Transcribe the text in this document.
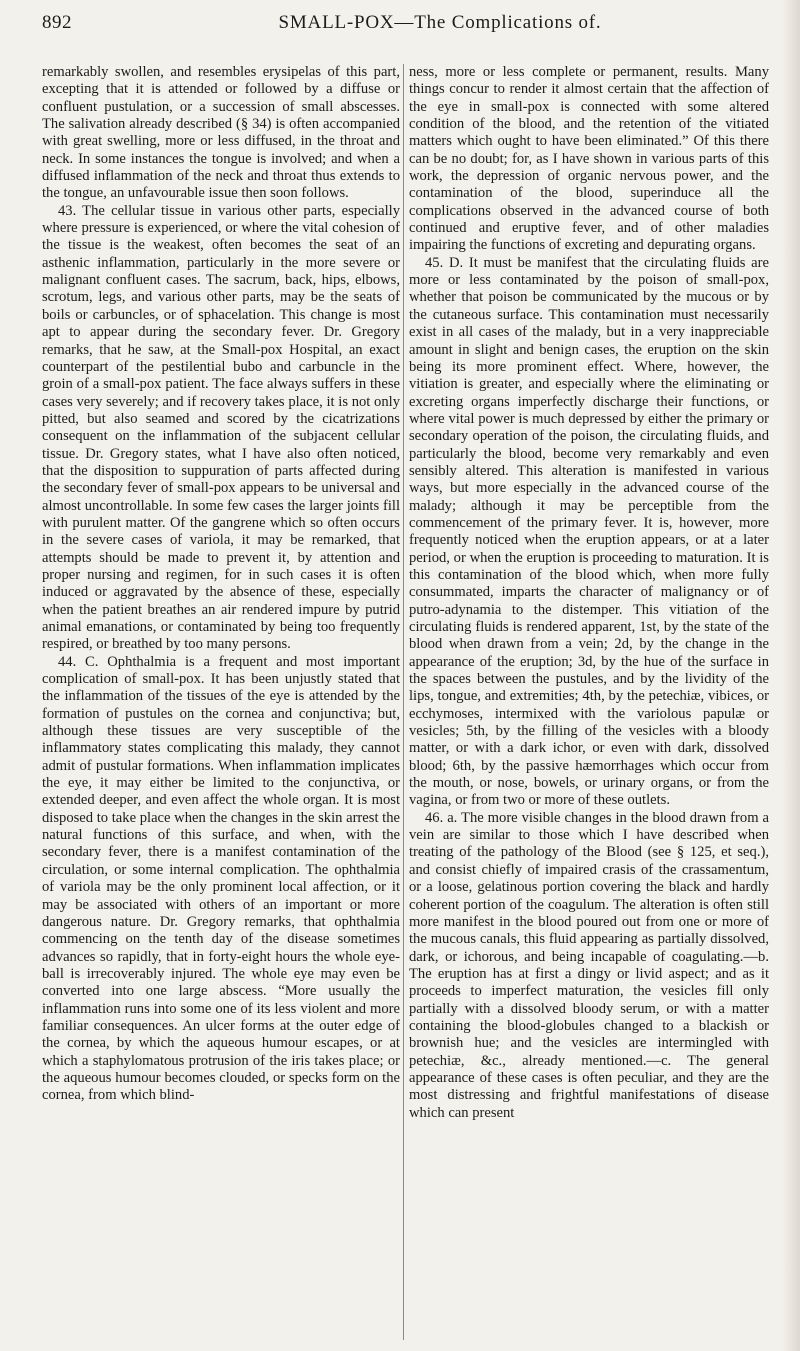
892	SMALL-POX—The Complications of.

remarkably swollen, and resembles erysipelas of this part, excepting that it is attended or followed by a diffuse or confluent pustulation, or a succession of small abscesses. The salivation already described (§ 34) is often accompanied with great swelling, more or less diffused, in the throat and neck. In some instances the tongue is involved; and when a diffused inflammation of the neck and throat thus extends to the tongue, an unfavourable issue then soon follows.

43. The cellular tissue in various other parts, especially where pressure is experienced, or where the vital cohesion of the tissue is the weakest, often becomes the seat of an asthenic inflammation, particularly in the more severe or malignant confluent cases. The sacrum, back, hips, elbows, scrotum, legs, and various other parts, may be the seats of boils or carbuncles, or of sphacelation. This change is most apt to appear during the secondary fever. Dr. Gregory remarks, that he saw, at the Small-pox Hospital, an exact counterpart of the pestilential bubo and carbuncle in the groin of a small-pox patient. The face always suffers in these cases very severely; and if recovery takes place, it is not only pitted, but also seamed and scored by the cicatrizations consequent on the inflammation of the subjacent cellular tissue. Dr. Gregory states, what I have also often noticed, that the disposition to suppuration of parts affected during the secondary fever of small-pox appears to be universal and almost uncontrollable. In some few cases the larger joints fill with purulent matter. Of the gangrene which so often occurs in the severe cases of variola, it may be remarked, that attempts should be made to prevent it, by attention and proper nursing and regimen, for in such cases it is often induced or aggravated by the absence of these, especially when the patient breathes an air rendered impure by putrid animal emanations, or contaminated by being too frequently respired, or breathed by too many persons.

44. C. Ophthalmia is a frequent and most important complication of small-pox. It has been unjustly stated that the inflammation of the tissues of the eye is attended by the formation of pustules on the cornea and conjunctiva; but, although these tissues are very susceptible of the inflammatory states complicating this malady, they cannot admit of pustular formations. When inflammation implicates the eye, it may either be limited to the conjunctiva, or extended deeper, and even affect the whole organ. It is most disposed to take place when the changes in the skin arrest the natural functions of this surface, and when, with the secondary fever, there is a manifest contamination of the circulation, or some internal complication. The ophthalmia of variola may be the only prominent local affection, or it may be associated with others of an important or more dangerous nature. Dr. Gregory remarks, that ophthalmia commencing on the tenth day of the disease sometimes advances so rapidly, that in forty-eight hours the whole eye-ball is irrecoverably injured. The whole eye may even be converted into one large abscess. “More usually the inflammation runs into some one of its less violent and more familiar consequences. An ulcer forms at the outer edge of the cornea, by which the aqueous humour escapes, or at which a staphylomatous protrusion of the iris takes place; or the aqueous humour becomes clouded, or specks form on the cornea, from which blind-

ness, more or less complete or permanent, results. Many things concur to render it almost certain that the affection of the eye in small-pox is connected with some altered condition of the blood, and the retention of the vitiated matters which ought to have been eliminated.” Of this there can be no doubt; for, as I have shown in various parts of this work, the depression of organic nervous power, and the contamination of the blood, superinduce all the complications observed in the advanced course of both continued and eruptive fever, and of other maladies impairing the functions of excreting and depurating organs.

45. D. It must be manifest that the circulating fluids are more or less contaminated by the poison of small-pox, whether that poison be communicated by the mucous or by the cutaneous surface. This contamination must necessarily exist in all cases of the malady, but in a very inappreciable amount in slight and benign cases, the eruption on the skin being its more prominent effect. Where, however, the vitiation is greater, and especially where the eliminating or excreting organs imperfectly discharge their functions, or where vital power is much depressed by either the primary or secondary operation of the poison, the circulating fluids, and particularly the blood, become very remarkably and even sensibly altered. This alteration is manifested in various ways, but more especially in the advanced course of the malady; although it may be perceptible from the commencement of the primary fever. It is, however, more frequently noticed when the eruption appears, or at a later period, or when the eruption is proceeding to maturation. It is this contamination of the blood which, when more fully consummated, imparts the character of malignancy or of putro-adynamia to the distemper. This vitiation of the circulating fluids is rendered apparent, 1st, by the state of the blood when drawn from a vein; 2d, by the change in the appearance of the eruption; 3d, by the hue of the surface in the spaces between the pustules, and by the lividity of the lips, tongue, and extremities; 4th, by the petechiæ, vibices, or ecchymoses, intermixed with the variolous papulæ or vesicles; 5th, by the filling of the vesicles with a bloody matter, or with a dark ichor, or even with dark, dissolved blood; 6th, by the passive hæmorrhages which occur from the mouth, or nose, bowels, or urinary organs, or from the vagina, or from two or more of these outlets.

46. a. The more visible changes in the blood drawn from a vein are similar to those which I have described when treating of the pathology of the Blood (see § 125, et seq.), and consist chiefly of impaired crasis of the crassamentum, or a loose, gelatinous portion covering the black and hardly coherent portion of the coagulum. The alteration is often still more manifest in the blood poured out from one or more of the mucous canals, this fluid appearing as partially dissolved, dark, or ichorous, and being incapable of coagulating.—b. The eruption has at first a dingy or livid aspect; and as it proceeds to imperfect maturation, the vesicles fill only partially with a dissolved bloody serum, or with a matter containing the blood-globules changed to a blackish or brownish hue; and the vesicles are intermingled with petechiæ, &c., already mentioned.—c. The general appearance of these cases is often peculiar, and they are the most distressing and frightful manifestations of disease which can present
